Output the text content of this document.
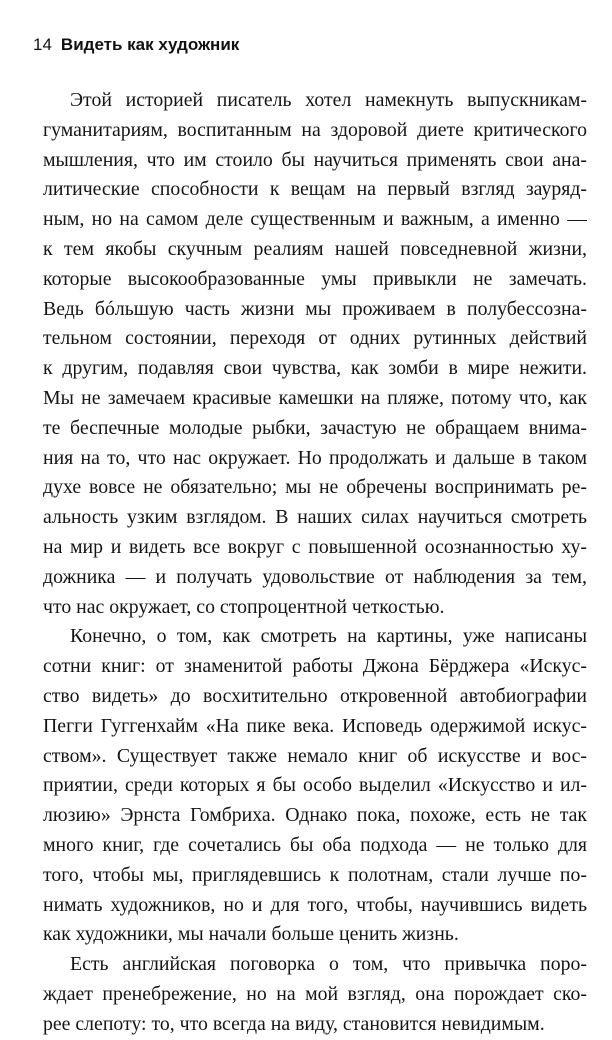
14 Видеть как художник
Этой историей писатель хотел намекнуть выпускникам-
гуманитариям, воспитанным на здоровой диете критического
мышления, что им стоило бы научиться применять свои ана-
литические способности к вещам на первый взгляд зауряд-
ным, но на самом деле существенным и важным, а именно —
к тем якобы скучным реалиям нашей повседневной жизни,
которые высокообразованные умы привыкли не замечать.
Ведь бóльшую часть жизни мы проживаем в полубессозна-
тельном состоянии, переходя от одних рутинных действий
к другим, подавляя свои чувства, как зомби в мире нежити.
Мы не замечаем красивые камешки на пляже, потому что, как
те беспечные молодые рыбки, зачастую не обращаем внима-
ния на то, что нас окружает. Но продолжать и дальше в таком
духе вовсе не обязательно; мы не обречены воспринимать ре-
альность узким взглядом. В наших силах научиться смотреть
на мир и видеть все вокруг с повышенной осознанностью ху-
дожника — и получать удовольствие от наблюдения за тем,
что нас окружает, со стопроцентной четкостью.
Конечно, о том, как смотреть на картины, уже написаны
сотни книг: от знаменитой работы Джона Бёрджера «Искус-
ство видеть» до восхитительно откровенной автобиографии
Пегги Гуггенхайм «На пике века. Исповедь одержимой искус-
ством». Существует также немало книг об искусстве и вос-
приятии, среди которых я бы особо выделил «Искусство и ил-
люзию» Эрнста Гомбриха. Однако пока, похоже, есть не так
много книг, где сочетались бы оба подхода — не только для
того, чтобы мы, приглядевшись к полотнам, стали лучше по-
нимать художников, но и для того, чтобы, научившись видеть
как художники, мы начали больше ценить жизнь.
Есть английская поговорка о том, что привычка порo-
ждает пренебрежение, но на мой взгляд, она порождает ско-
рее слепоту: то, что всегда на виду, становится невидимым.
